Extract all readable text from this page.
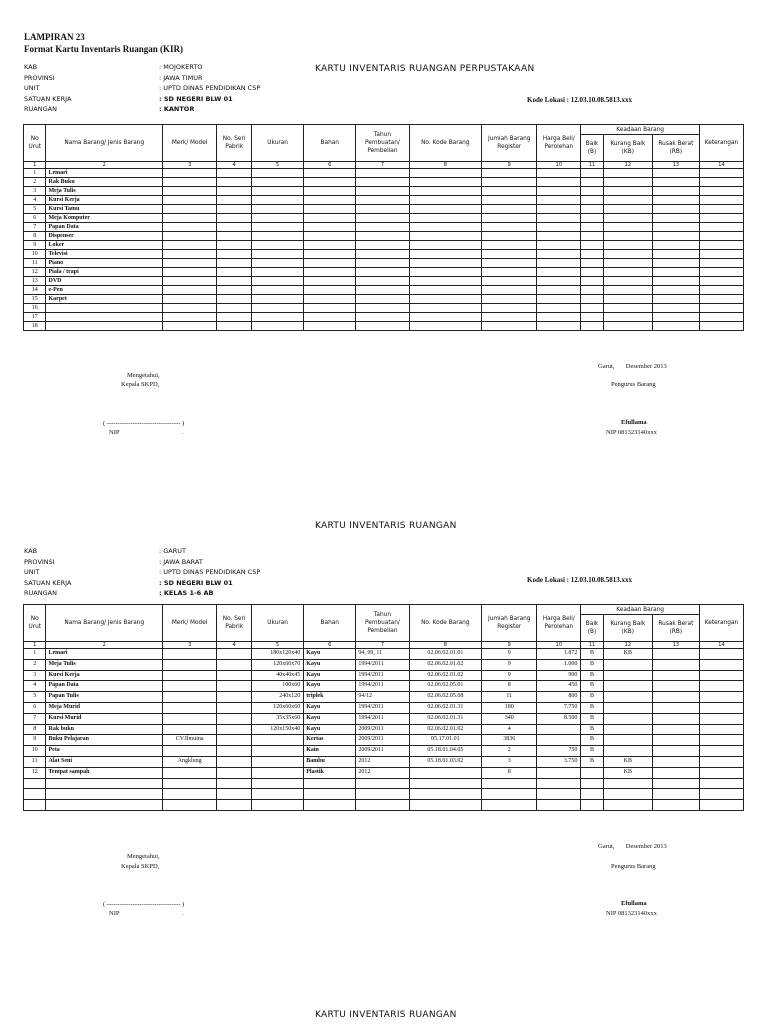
LAMPIRAN 23
Format Kartu Inventaris Ruangan (KIR)
KARTU INVENTARIS RUANGAN PERPUSTAKAAN
KAB	: MOJOKERTO
PROVINSI	: JAWA TIMUR
UNIT	: UPTD DINAS PENDIDIKAN CSP
SATUAN KERJA	: SD NEGERI BLW 01
RUANGAN	: KANTOR
Kode Lokasi : 12.03.10.08.5813.xxx
No Urut	Nama Barang/ Jenis Barang	Merk/ Model	No. Seri Pabrik	Ukuran	Bahan	Tahun Pembuatan/ Pembelian	No. Kode Barang	Jumlah Barang Register	Harga Beli/ Perolehan	Keadaan Barang			Keterangan
										Baik (B)	Kurang Baik (KB)	Rusak Berat (RB)	
1	2	3	4	5	6	7	8	9	10	11	12	13	14
1	Lemari												
2	Rak Buku												
3	Meja Tulis												
4	Kursi Kerja												
5	Kursi Tamu												
6	Meja Komputer												
7	Papan Data												
8	Dispenser												
9	Loker												
10	Televisi												
11	Piano												
12	Piala / trapi												
13	DVD												
14	e-Pen												
15	Karpet												
16													
17													
18													
Mengetahui,
Kepala SKPD,
( ---------------------------------- )
NIP	.
Garut,       Desember 2013
Pengurus Barang
Efullama
NIP 081323140xxx
KARTU INVENTARIS RUANGAN
KAB	: GARUT
PROVINSI	: JAWA BARAT
UNIT	: UPTD DINAS PENDIDIKAN CSP
SATUAN KERJA	: SD NEGERI BLW 01
RUANGAN	: KELAS 1-6 AB
Kode Lokasi : 12.03.10.08.5813.xxx
No Urut	Nama Barang/ Jenis Barang	Merk/ Model	No. Seri Pabrik	Ukuran	Bahan	Tahun Pembuatan/ Pembelian	No. Kode Barang	Jumlah Barang Register	Harga Beli/ Perolehan	Keadaan Barang			Keterangan
										Baik (B)	Kurang Baik (KB)	Rusak Berat (RB)	
1	2	3	4	5	6	7	8	9	10	11	12	13	14
1	Lemari			180x120x40	Kayu	94, 99, 11	02.06.02.01.01	9	1.872	B	KB		
2	Meja Tulis			120x60x70	Kayu	1994/2011	02.06.02.01.02	9	1.000	B			
3	Kursi Kerja			40x40x45	Kayu	1994/2011	02.06.02.01.02	9	900	B			
4	Papan Data			100x60	Kayu	1994/2011	02.06.02.05.01	8	450	B			
5	Papan Tulis			240x120	triplek	94/12	02.06.02.05.08	11	800	B			
6	Meja Murid			120x60x60	Kayu	1994/2011	02.06.02.01.31	180	7.750	B			
7	Kursi Murid			35x35x60	Kayu	1994/2011	02.06.02.01.31	340	8.500	B			
8	Rak buku			120x150x40	Kayu	2009/2011	02.06.02.01.02	4		B			
9	Buku Pelajaran	CV.Ilmuina			Kertas	2009/2011	05.17.01.01	3836		B			
10	Peta				Kain	2009/2011	05.18.01.04.05	2	750	B			
11	Alat Seni	Angklung			Bambu	2012	05.18.01.03.02	3	3.750	B	KB		
12	Tempat sampah				Plastik	2012		8			KB		

Mengetahui,
Kepala SKPD,
( ---------------------------------- )
NIP	.
Garut,       Desember 2013
Pengurus Barang
Efullama
NIP 081323140xxx
KARTU INVENTARIS RUANGAN
